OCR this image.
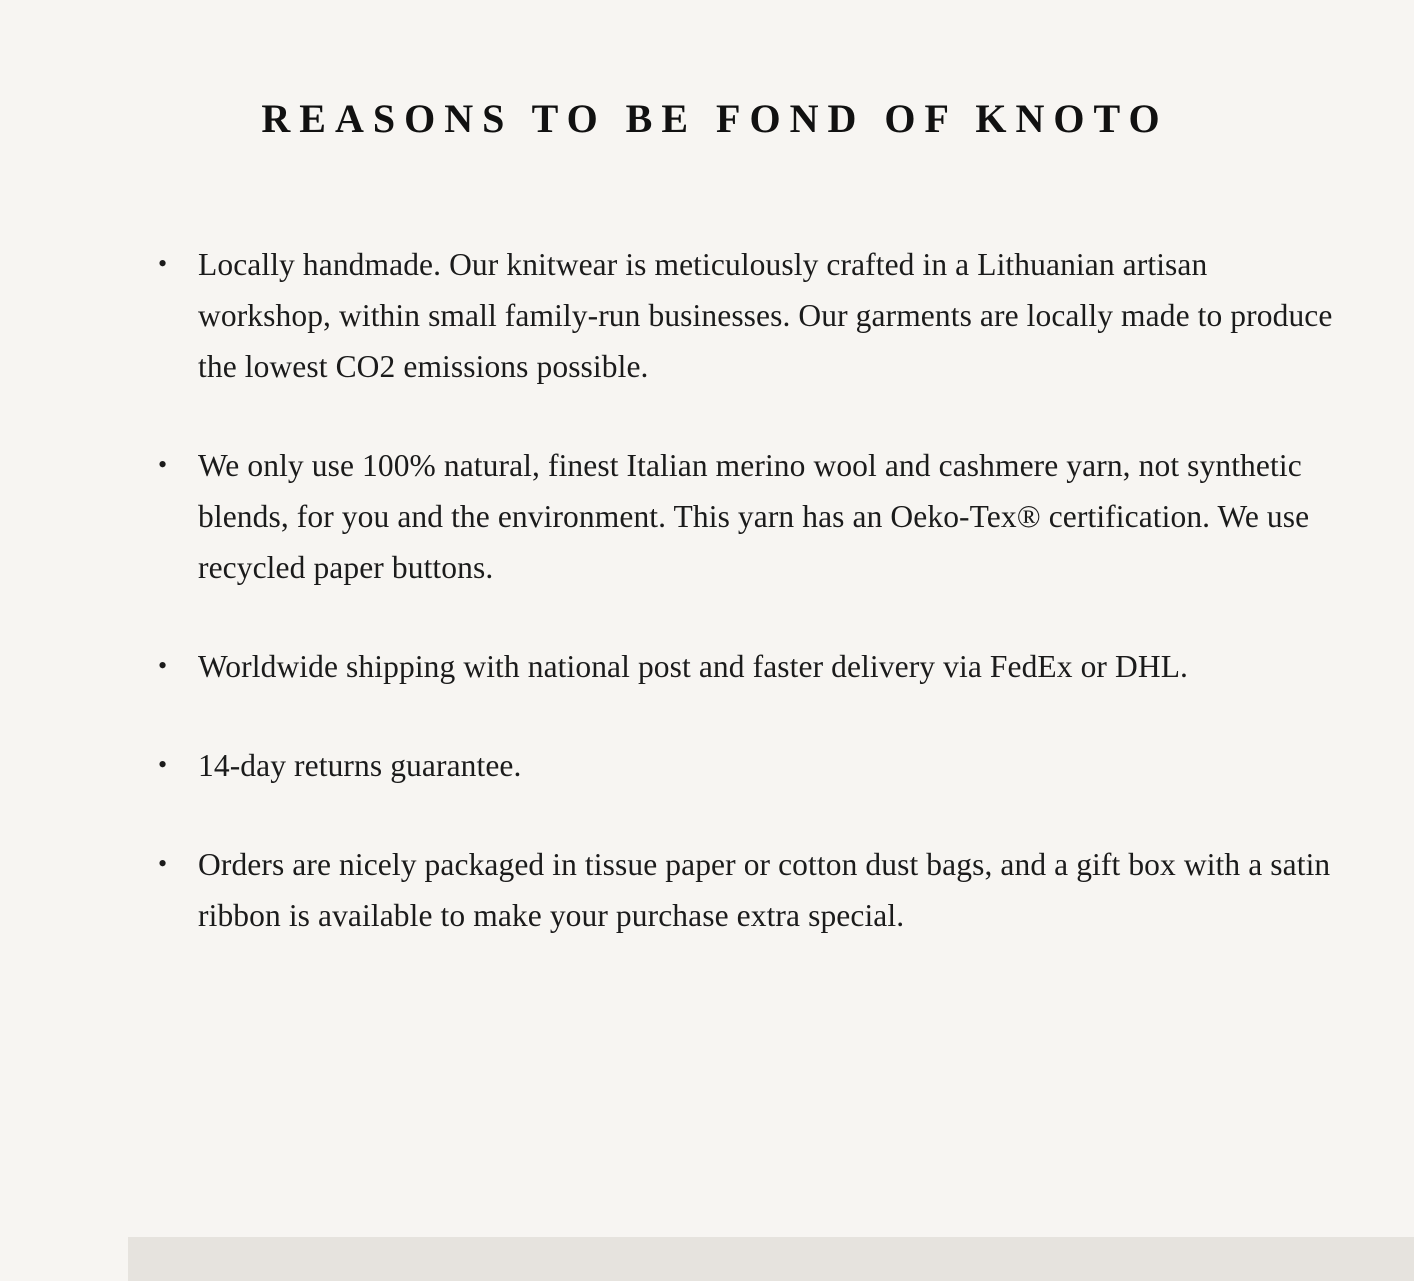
REASONS TO BE FOND OF KNOTO
• Locally handmade. Our knitwear is meticulously crafted in a Lithuanian artisan workshop, within small family-run businesses. Our garments are locally made to produce the lowest CO2 emissions possible.
• We only use 100% natural, finest Italian merino wool and cashmere yarn, not synthetic blends, for you and the environment. This yarn has an Oeko-Tex® certification. We use recycled paper buttons.
• Worldwide shipping with national post and faster delivery via FedEx or DHL.
• 14-day returns guarantee.
• Orders are nicely packaged in tissue paper or cotton dust bags, and a gift box with a satin ribbon is available to make your purchase extra special.
